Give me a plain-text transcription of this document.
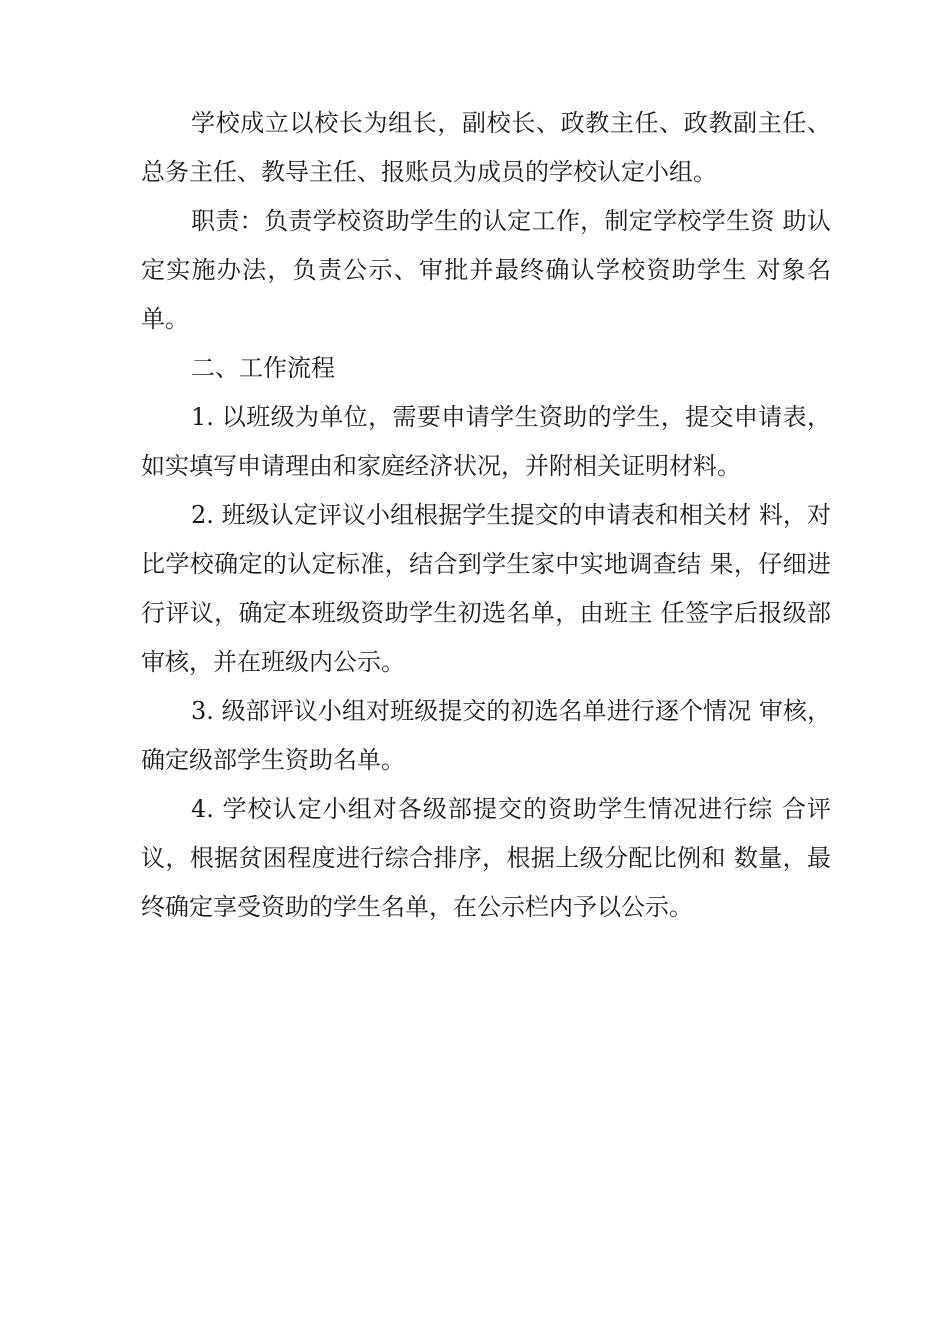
学校成立以校长为组长，副校长、政教主任、政教副主任、总务主任、教导主任、报账员为成员的学校认定小组。

职责：负责学校资助学生的认定工作，制定学校学生资 助认定实施办法，负责公示、审批并最终确认学校资助学生 对象名单。

二、工作流程

1. 以班级为单位，需要申请学生资助的学生，提交申请表，如实填写申请理由和家庭经济状况，并附相关证明材料。

2. 班级认定评议小组根据学生提交的申请表和相关材 料，对比学校确定的认定标准，结合到学生家中实地调查结 果，仔细进行评议，确定本班级资助学生初选名单，由班主 任签字后报级部审核，并在班级内公示。

3. 级部评议小组对班级提交的初选名单进行逐个情况 审核，确定级部学生资助名单。

4. 学校认定小组对各级部提交的资助学生情况进行综 合评议，根据贫困程度进行综合排序，根据上级分配比例和 数量，最终确定享受资助的学生名单，在公示栏内予以公示。
